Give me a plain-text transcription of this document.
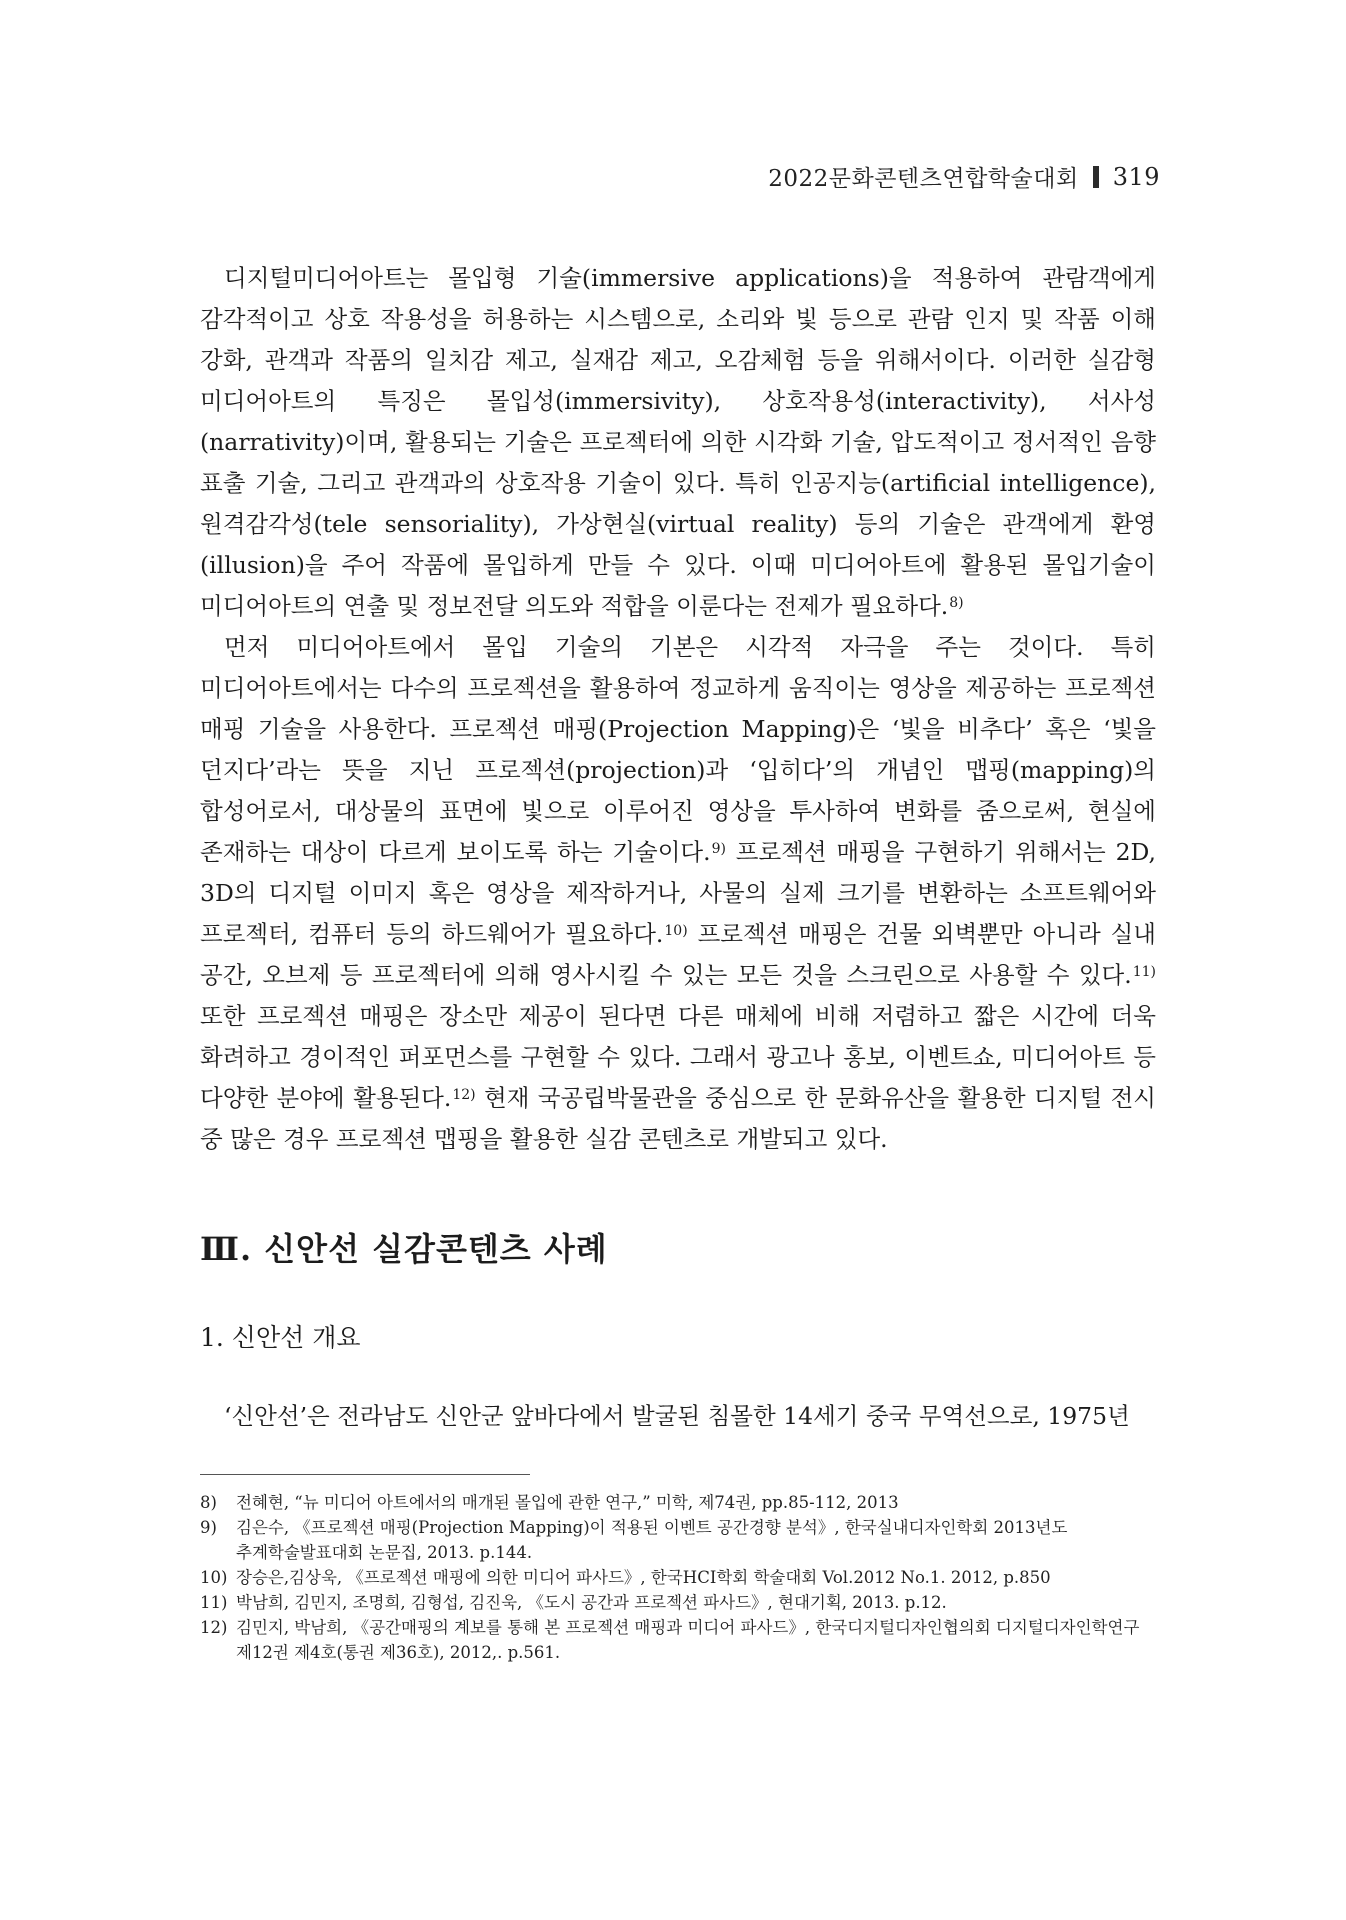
2022문화콘텐츠연합학술대회 319

디지털미디어아트는 몰입형 기술(immersive applications)을 적용하여 관람객에게 감각적이고 상호 작용성을 허용하는 시스템으로, 소리와 빛 등으로 관람 인지 및 작품 이해 강화, 관객과 작품의 일치감 제고, 실재감 제고, 오감체험 등을 위해서이다. 이러한 실감형 미디어아트의 특징은 몰입성(immersivity), 상호작용성(interactivity), 서사성(narrativity)이며, 활용되는 기술은 프로젝터에 의한 시각화 기술, 압도적이고 정서적인 음향 표출 기술, 그리고 관객과의 상호작용 기술이 있다. 특히 인공지능(artificial intelligence), 원격감각성(tele sensoriality), 가상현실(virtual reality) 등의 기술은 관객에게 환영(illusion)을 주어 작품에 몰입하게 만들 수 있다. 이때 미디어아트에 활용된 몰입기술이 미디어아트의 연출 및 정보전달 의도와 적합을 이룬다는 전제가 필요하다.$^{8)}$

먼저 미디어아트에서 몰입 기술의 기본은 시각적 자극을 주는 것이다. 특히 미디어아트에서는 다수의 프로젝션을 활용하여 정교하게 움직이는 영상을 제공하는 프로젝션 매핑 기술을 사용한다. 프로젝션 매핑(Projection Mapping)은 ‘빛을 비추다’ 혹은 ‘빛을 던지다’라는 뜻을 지닌 프로젝션(projection)과 ‘입히다’의 개념인 맵핑(mapping)의 합성어로서, 대상물의 표면에 빛으로 이루어진 영상을 투사하여 변화를 줌으로써, 현실에 존재하는 대상이 다르게 보이도록 하는 기술이다.$^{9)}$ 프로젝션 매핑을 구현하기 위해서는 2D, 3D의 디지털 이미지 혹은 영상을 제작하거나, 사물의 실제 크기를 변환하는 소프트웨어와 프로젝터, 컴퓨터 등의 하드웨어가 필요하다.$^{10)}$ 프로젝션 매핑은 건물 외벽뿐만 아니라 실내 공간, 오브제 등 프로젝터에 의해 영사시킬 수 있는 모든 것을 스크린으로 사용할 수 있다.$^{11)}$ 또한 프로젝션 매핑은 장소만 제공이 된다면 다른 매체에 비해 저렴하고 짧은 시간에 더욱 화려하고 경이적인 퍼포먼스를 구현할 수 있다. 그래서 광고나 홍보, 이벤트쇼, 미디어아트 등 다양한 분야에 활용된다.$^{12)}$ 현재 국공립박물관을 중심으로 한 문화유산을 활용한 디지털 전시 중 많은 경우 프로젝션 맵핑을 활용한 실감 콘텐츠로 개발되고 있다.

Ⅲ. 신안선 실감콘텐츠 사례
1. 신안선 개요

‘신안선’은 전라남도 신안군 앞바다에서 발굴된 침몰한 14세기 중국 무역선으로, 1975년

8)	전혜현, “뉴 미디어 아트에서의 매개된 몰입에 관한 연구,” 미학, 제74권, pp.85-112, 2013
9)	김은수, 《프로젝션 매핑(Projection Mapping)이 적용된 이벤트 공간경향 분석》, 한국실내디자인학회 2013년도 추계학술발표대회 논문집, 2013. p.144.
10) 장승은,김상욱, 《프로젝션 매핑에 의한 미디어 파사드》, 한국HCI학회 학술대회 Vol.2012 No.1. 2012, p.850
11) 박남희, 김민지, 조명희, 김형섭, 김진욱, 《도시 공간과 프로젝션 파사드》, 현대기획, 2013. p.12.
12) 김민지, 박남희, 《공간매핑의 계보를 통해 본 프로젝션 매핑과 미디어 파사드》, 한국디지털디자인협의회 디지털디자인학연구 제12권 제4호(통권 제36호), 2012,. p.561.
